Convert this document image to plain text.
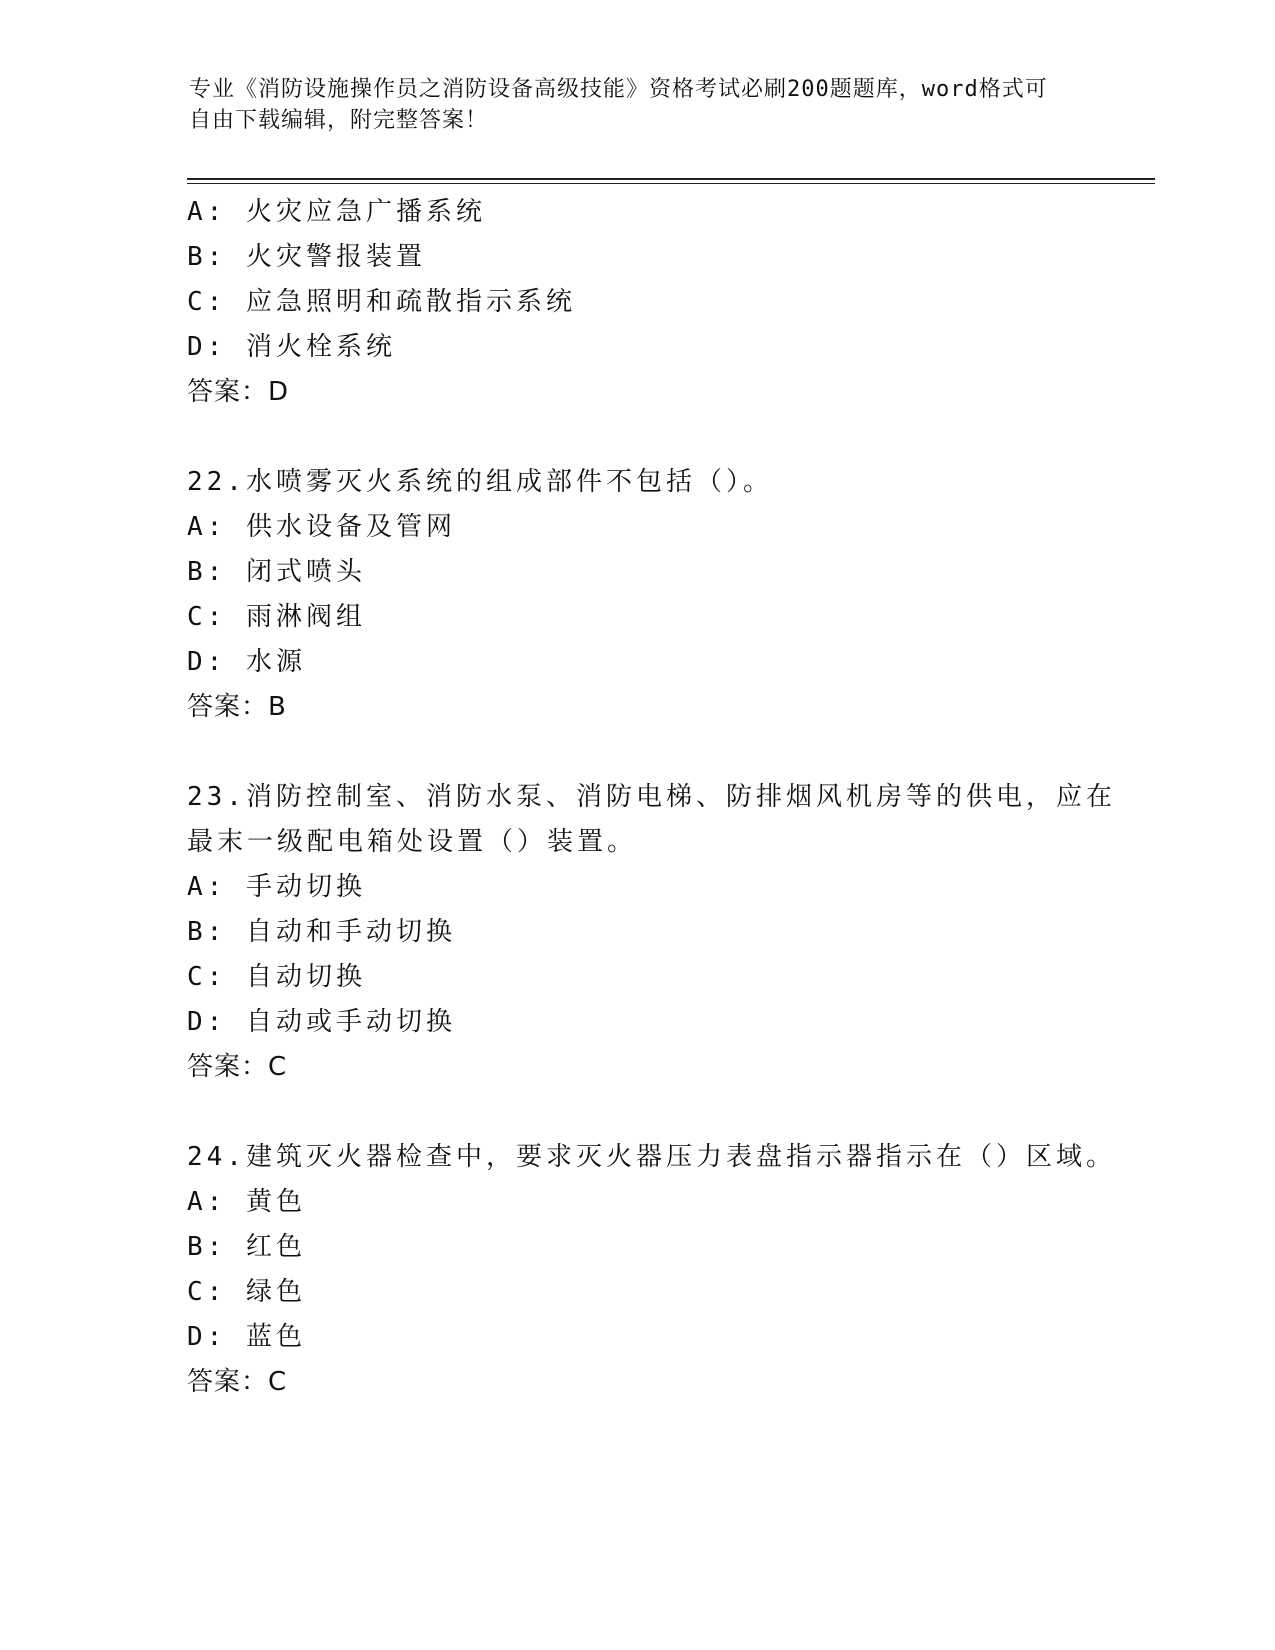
专业《消防设施操作员之消防设备高级技能》资格考试必刷200题题库，word格式可自由下载编辑，附完整答案！
A: 火灾应急广播系统
B: 火灾警报装置
C: 应急照明和疏散指示系统
D: 消火栓系统
答案：D
22.水喷雾灭火系统的组成部件不包括（）。
A: 供水设备及管网
B: 闭式喷头
C: 雨淋阀组
D: 水源
答案：B
23.消防控制室、消防水泵、消防电梯、防排烟风机房等的供电，应在
最末一级配电箱处设置（）装置。
A: 手动切换
B: 自动和手动切换
C: 自动切换
D: 自动或手动切换
答案：C
24.建筑灭火器检查中，要求灭火器压力表盘指示器指示在（）区域。
A: 黄色
B: 红色
C: 绿色
D: 蓝色
答案：C
